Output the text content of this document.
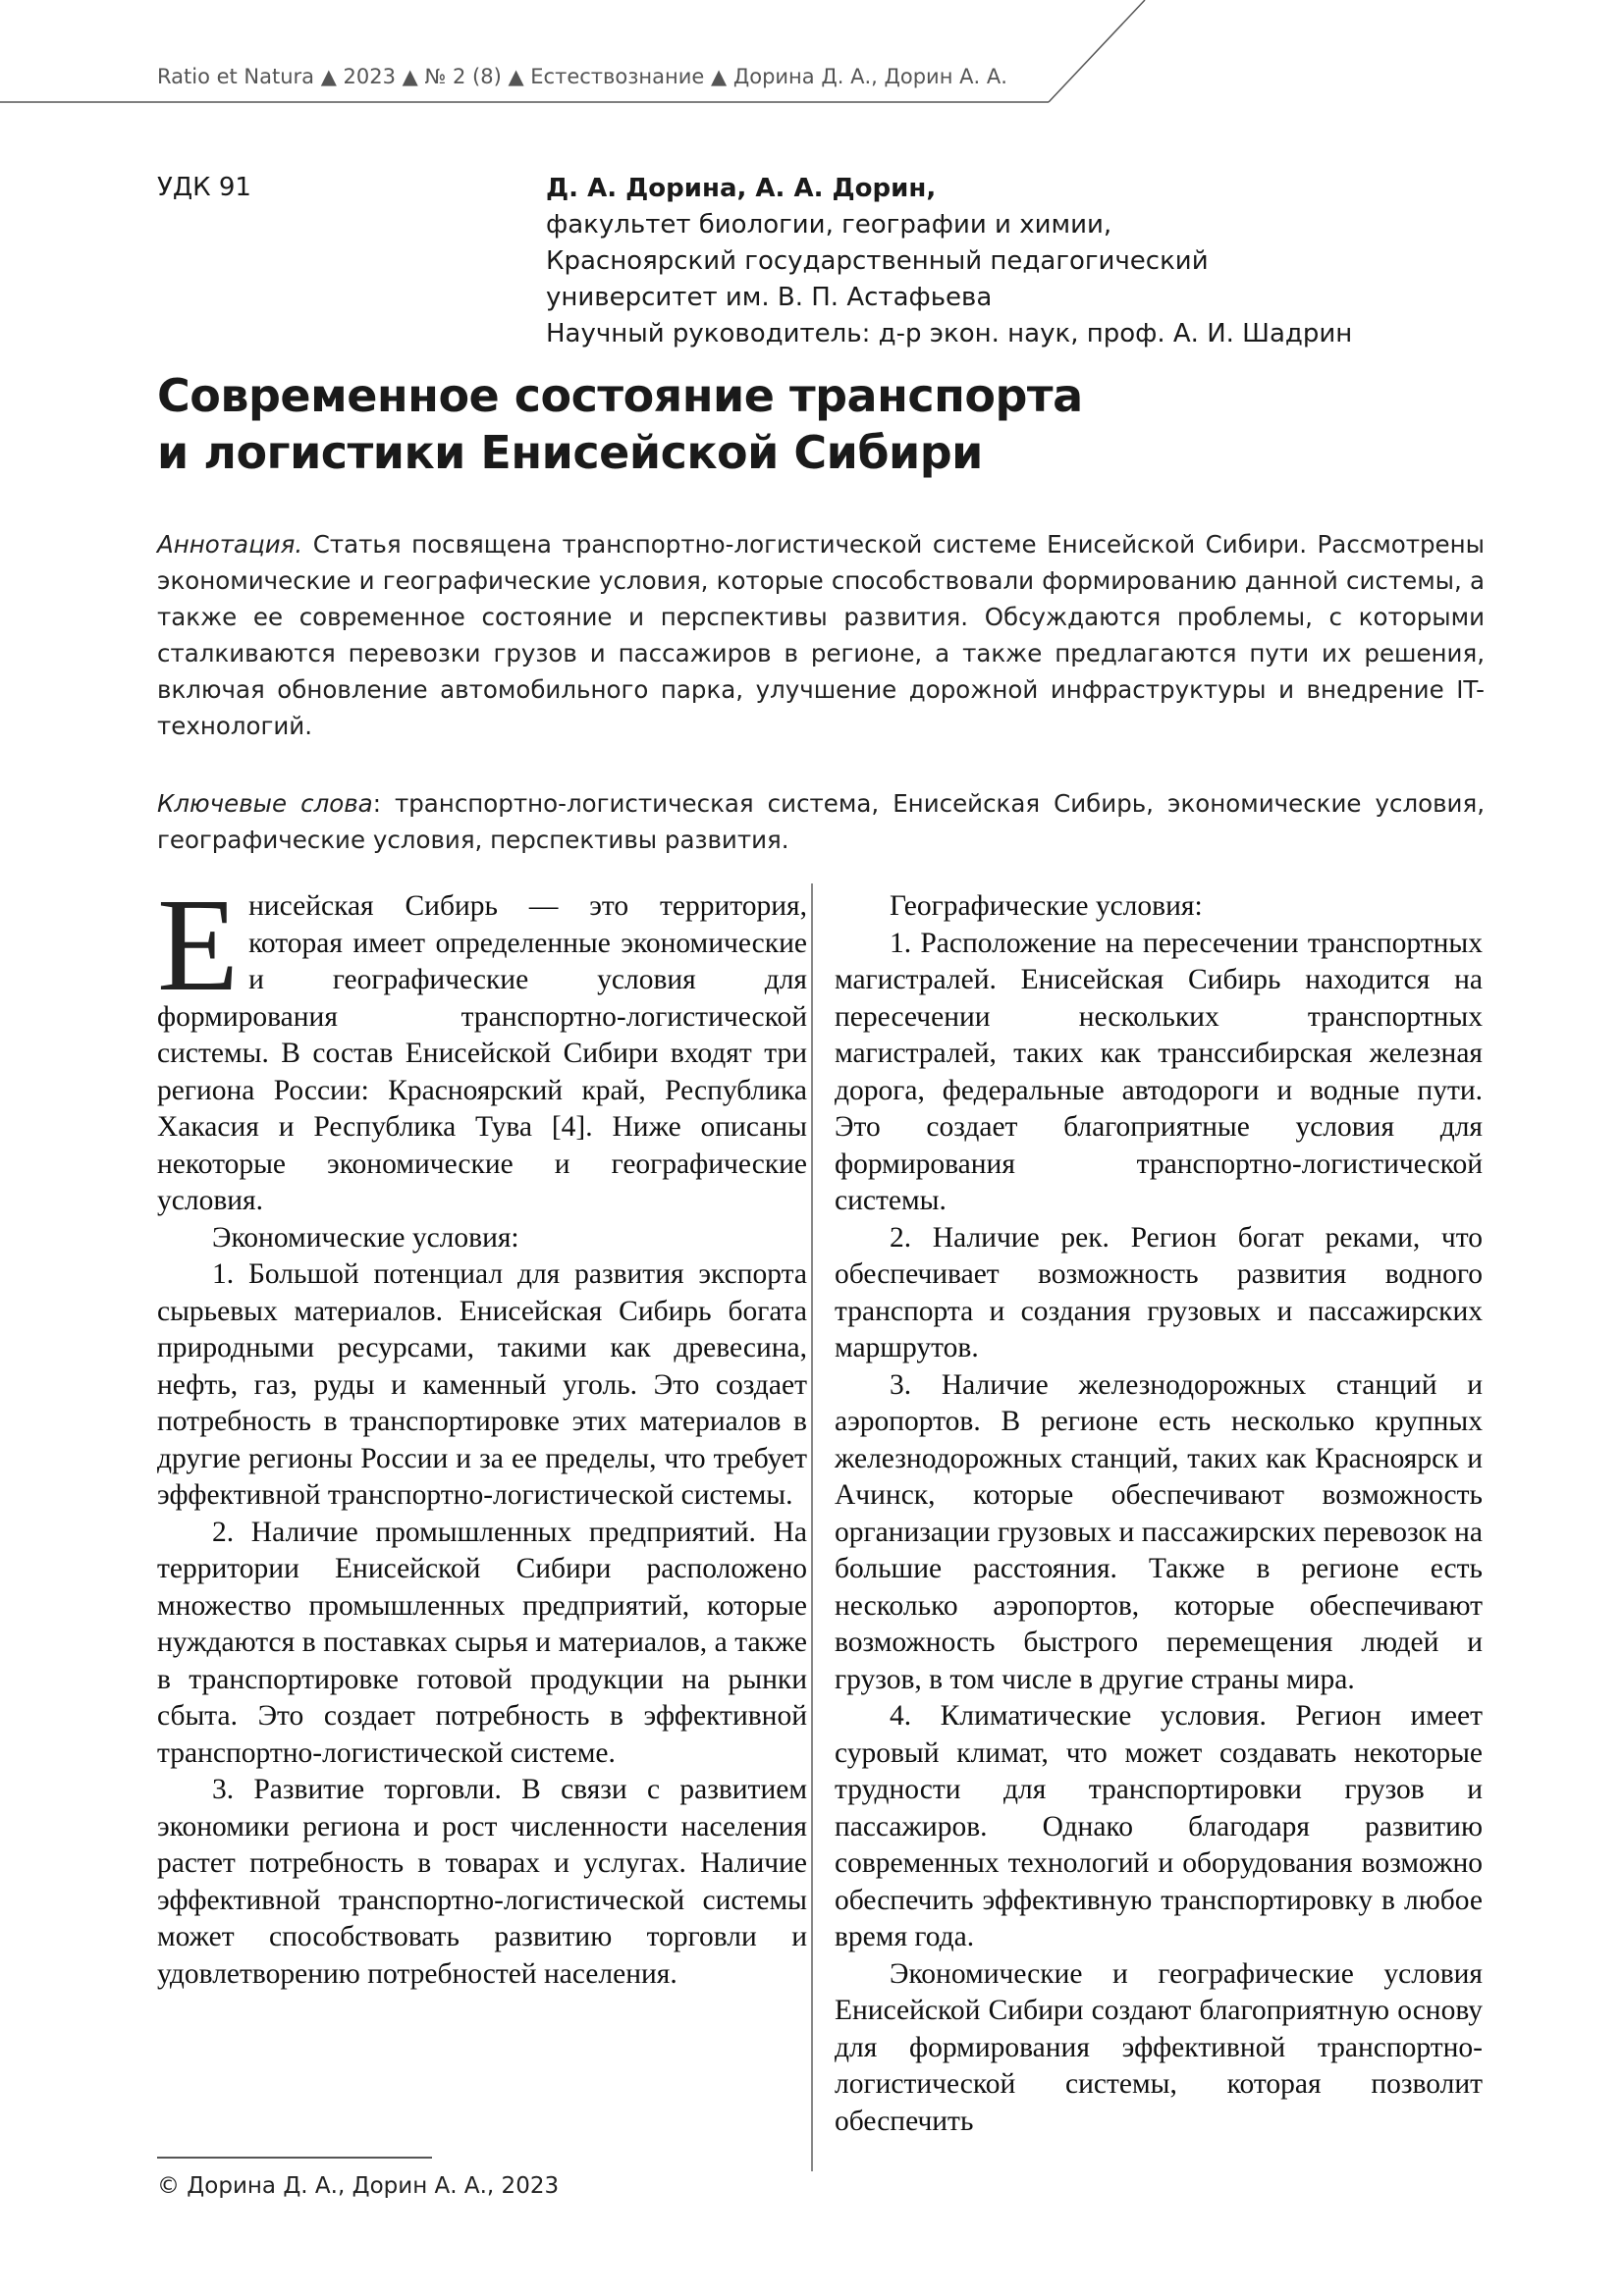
Ratio et Natura ▲ 2023 ▲ № 2 (8) ▲ Естествознание ▲ Дорина Д. А., Дорин А. А.
УДК 91	Д. А. Дорина, А. А. Дорин,
факультет биологии, географии и химии,
Красноярский государственный педагогический
университет им. В. П. Астафьева
Научный руководитель: д-р экон. наук, проф. А. И. Шадрин
Современное состояние транспорта
и логистики Енисейской Сибири
Аннотация. Статья посвящена транспортно-логистической системе Енисейской Сибири. Рассмотрены экономические и географические условия, которые способствовали формированию данной системы, а также ее современное состояние и перспективы развития. Обсуждаются проблемы, с которыми сталкиваются перевозки грузов и пассажиров в регионе, а также предлагаются пути их решения, включая обновление автомобильного парка, улучшение дорожной инфраструктуры и внедрение IT-технологий.
Ключевые слова: транспортно-логистическая система, Енисейская Сибирь, экономические условия, географические условия, перспективы развития.

Енисейская Сибирь — это территория, которая имеет определенные экономические и географические условия для формирования транспортно-логистической системы. В состав Енисейской Сибири входят три региона России: Красноярский край, Республика Хакасия и Республика Тува [4]. Ниже описаны некоторые экономические и географические условия.

Экономические условия:

1. Большой потенциал для развития экспорта сырьевых материалов. Енисейская Сибирь богата природными ресурсами, такими как древесина, нефть, газ, руды и каменный уголь. Это создает потребность в транспортировке этих материалов в другие регионы России и за ее пределы, что требует эффективной транспортно-логистической системы.

2. Наличие промышленных предприятий. На территории Енисейской Сибири расположено множество промышленных предприятий, которые нуждаются в поставках сырья и материалов, а также в транспортировке готовой продукции на рынки сбыта. Это создает потребность в эффективной транспортно-логистической системе.

3. Развитие торговли. В связи с развитием экономики региона и рост численности населения растет потребность в товарах и услугах. Наличие эффективной транспортно-логистической системы может способствовать развитию торговли и удовлетворению потребностей населения.

Географические условия:

1. Расположение на пересечении транспортных магистралей. Енисейская Сибирь находится на пересечении нескольких транспортных магистралей, таких как транссибирская железная дорога, федеральные автодороги и водные пути. Это создает благоприятные условия для формирования транспортно-логистической системы.

2. Наличие рек. Регион богат реками, что обеспечивает возможность развития водного транспорта и создания грузовых и пассажирских маршрутов.

3. Наличие железнодорожных станций и аэропортов. В регионе есть несколько крупных железнодорожных станций, таких как Красноярск и Ачинск, которые обеспечивают возможность организации грузовых и пассажирских перевозок на большие расстояния. Также в регионе есть несколько аэропортов, которые обеспечивают возможность быстрого перемещения людей и грузов, в том числе в другие страны мира.

4. Климатические условия. Регион имеет суровый климат, что может создавать некоторые трудности для транспортировки грузов и пассажиров. Однако благодаря развитию современных технологий и оборудования возможно обеспечить эффективную транспортировку в любое время года.

Экономические и географические условия Енисейской Сибири создают благоприятную основу для формирования эффективной транспортно-логистической системы, которая позволит обеспечить

© Дорина Д. А., Дорин А. А., 2023
